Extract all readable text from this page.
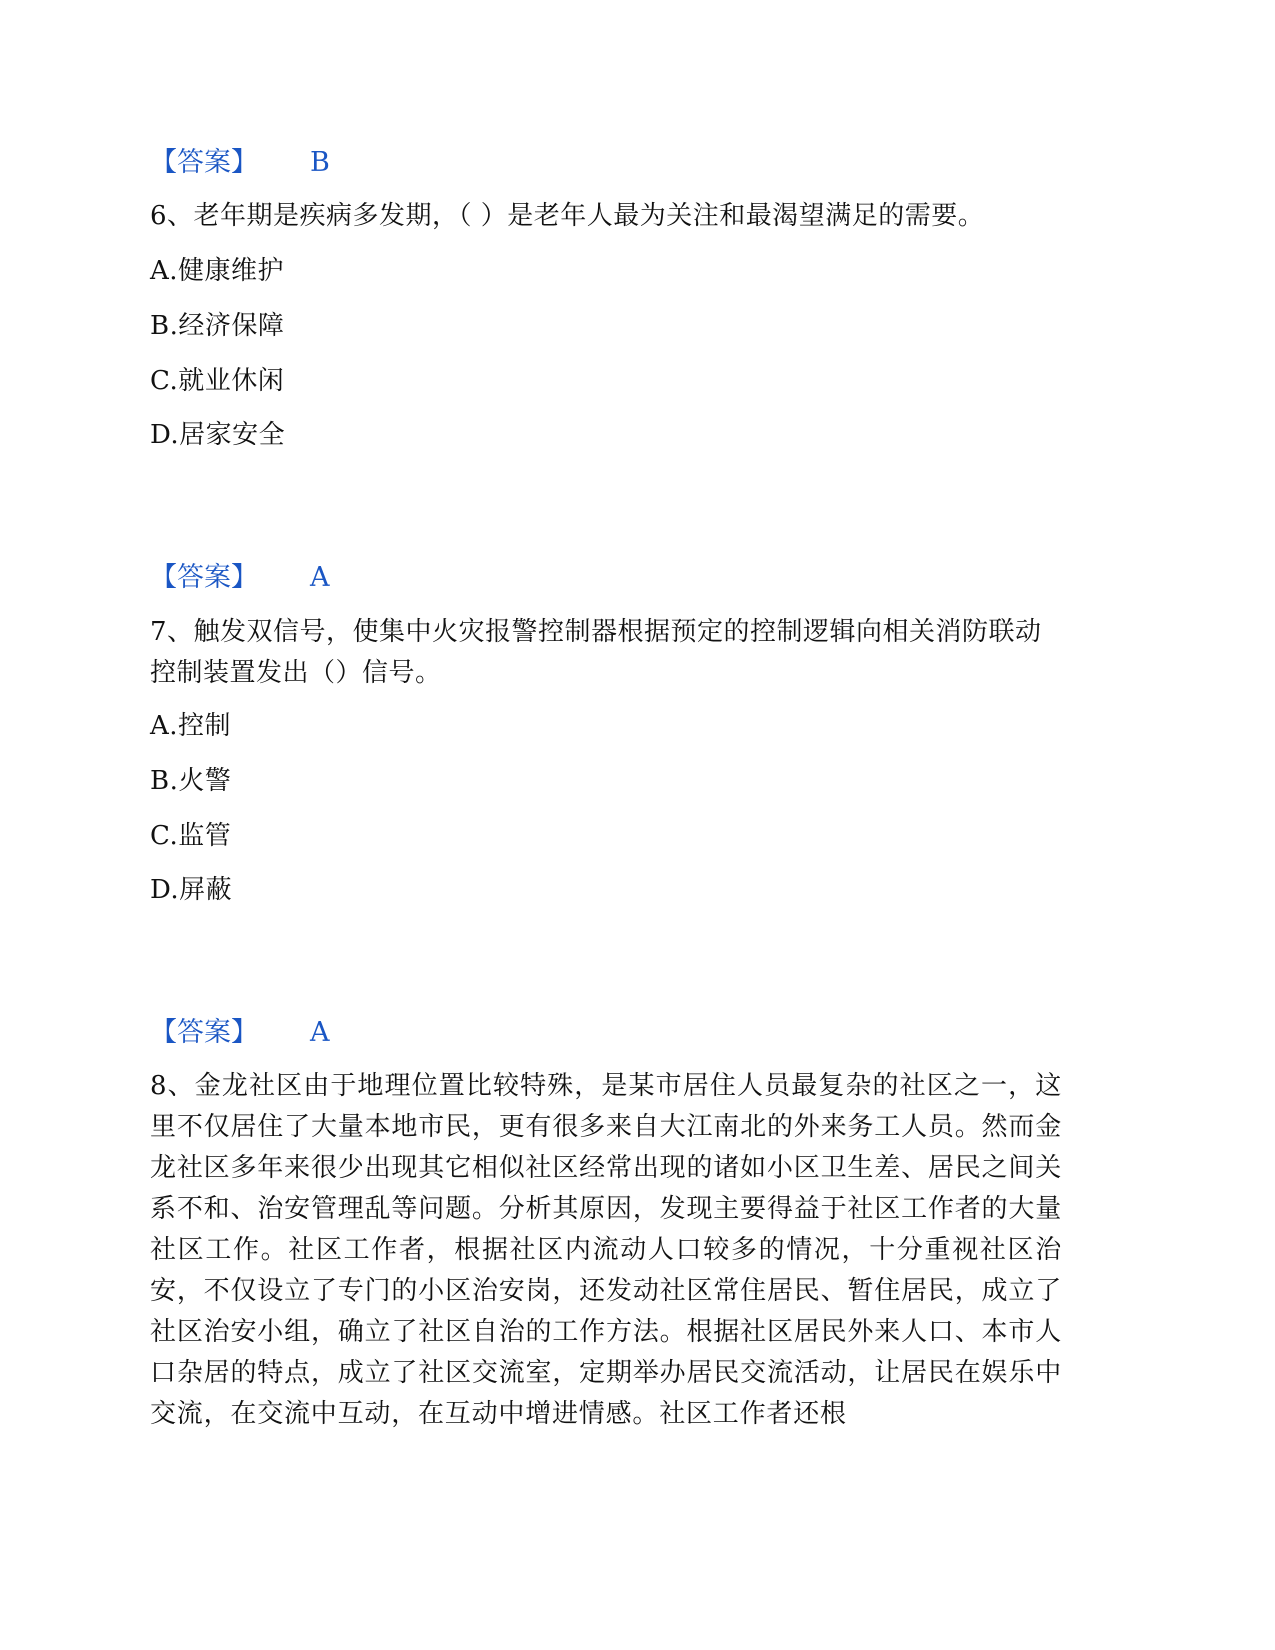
【答案】 B
6、老年期是疾病多发期，（ ）是老年人最为关注和最渴望满足的需要。
A.健康维护
B.经济保障
C.就业休闲
D.居家安全
【答案】 A
7、触发双信号，使集中火灾报警控制器根据预定的控制逻辑向相关消防联动控制装置发出（）信号。
A.控制
B.火警
C.监管
D.屏蔽
【答案】 A
8、金龙社区由于地理位置比较特殊，是某市居住人员最复杂的社区之一，这里不仅居住了大量本地市民，更有很多来自大江南北的外来务工人员。然而金龙社区多年来很少出现其它相似社区经常出现的诸如小区卫生差、居民之间关系不和、治安管理乱等问题。分析其原因，发现主要得益于社区工作者的大量社区工作。社区工作者，根据社区内流动人口较多的情况，十分重视社区治安，不仅设立了专门的小区治安岗，还发动社区常住居民、暂住居民，成立了社区治安小组，确立了社区自治的工作方法。根据社区居民外来人口、本市人口杂居的特点，成立了社区交流室，定期举办居民交流活动，让居民在娱乐中交流，在交流中互动，在互动中增进情感。社区工作者还根
